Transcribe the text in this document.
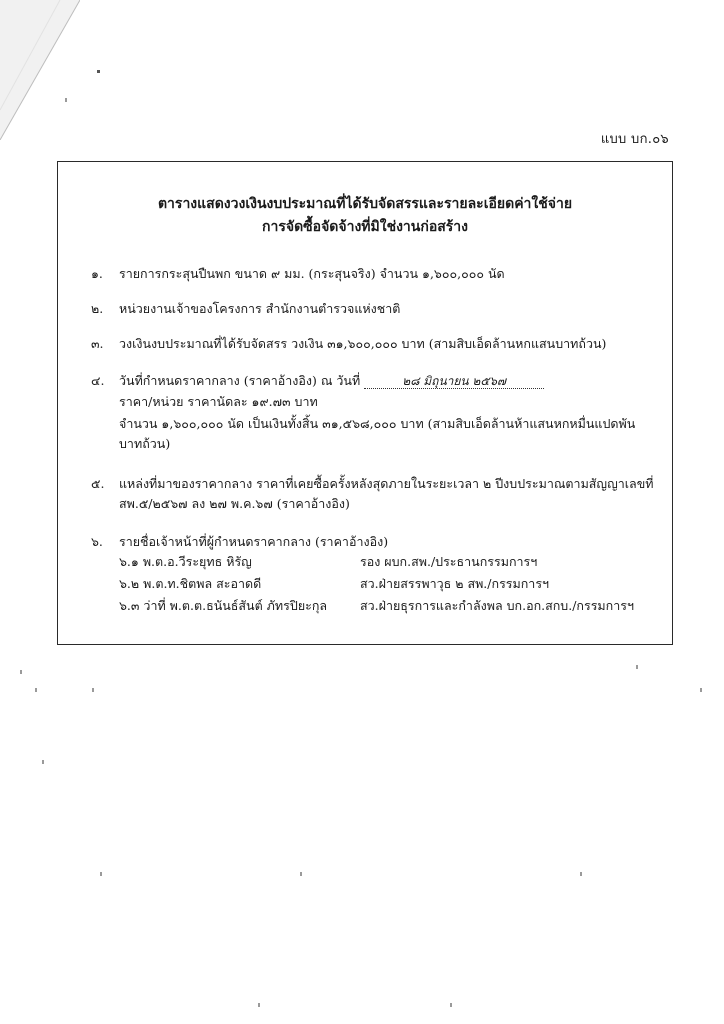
แบบ บก.๐๖
ตารางแสดงวงเงินงบประมาณที่ได้รับจัดสรรและรายละเอียดค่าใช้จ่าย
การจัดซื้อจัดจ้างที่มิใช่งานก่อสร้าง
๑. รายการกระสุนปืนพก ขนาด ๙ มม. (กระสุนจริง) จำนวน ๑,๖๐๐,๐๐๐ นัด
๒. หน่วยงานเจ้าของโครงการ สำนักงานตำรวจแห่งชาติ
๓. วงเงินงบประมาณที่ได้รับจัดสรร วงเงิน ๓๑,๖๐๐,๐๐๐ บาท (สามสิบเอ็ดล้านหกแสนบาทถ้วน)
๔. วันที่กำหนดราคากลาง (ราคาอ้างอิง) ณ วันที่	๒๘ มิถุนายน ๒๕๖๗
ราคา/หน่วย ราคานัดละ ๑๙.๗๓ บาท
จำนวน ๑,๖๐๐,๐๐๐ นัด เป็นเงินทั้งสิ้น ๓๑,๕๖๘,๐๐๐ บาท (สามสิบเอ็ดล้านห้าแสนหกหมื่นแปดพัน
บาทถ้วน)
๕. แหล่งที่มาของราคากลาง ราคาที่เคยซื้อครั้งหลังสุดภายในระยะเวลา ๒ ปีงบประมาณตามสัญญาเลขที่
สพ.๕/๒๕๖๗ ลง ๒๗ พ.ค.๖๗ (ราคาอ้างอิง)
๖. รายชื่อเจ้าหน้าที่ผู้กำหนดราคากลาง (ราคาอ้างอิง)
๖.๑ พ.ต.อ.วีระยุทธ หิรัญ	รอง ผบก.สพ./ประธานกรรมการฯ
๖.๒ พ.ต.ท.ชิตพล สะอาดดี	สว.ฝ่ายสรรพาวุธ ๒ สพ./กรรมการฯ
๖.๓ ว่าที่ พ.ต.ต.ธนันธ์สันต์ ภัทรปิยะกุล	สว.ฝ่ายธุรการและกำลังพล บก.อก.สกบ./กรรมการฯ
